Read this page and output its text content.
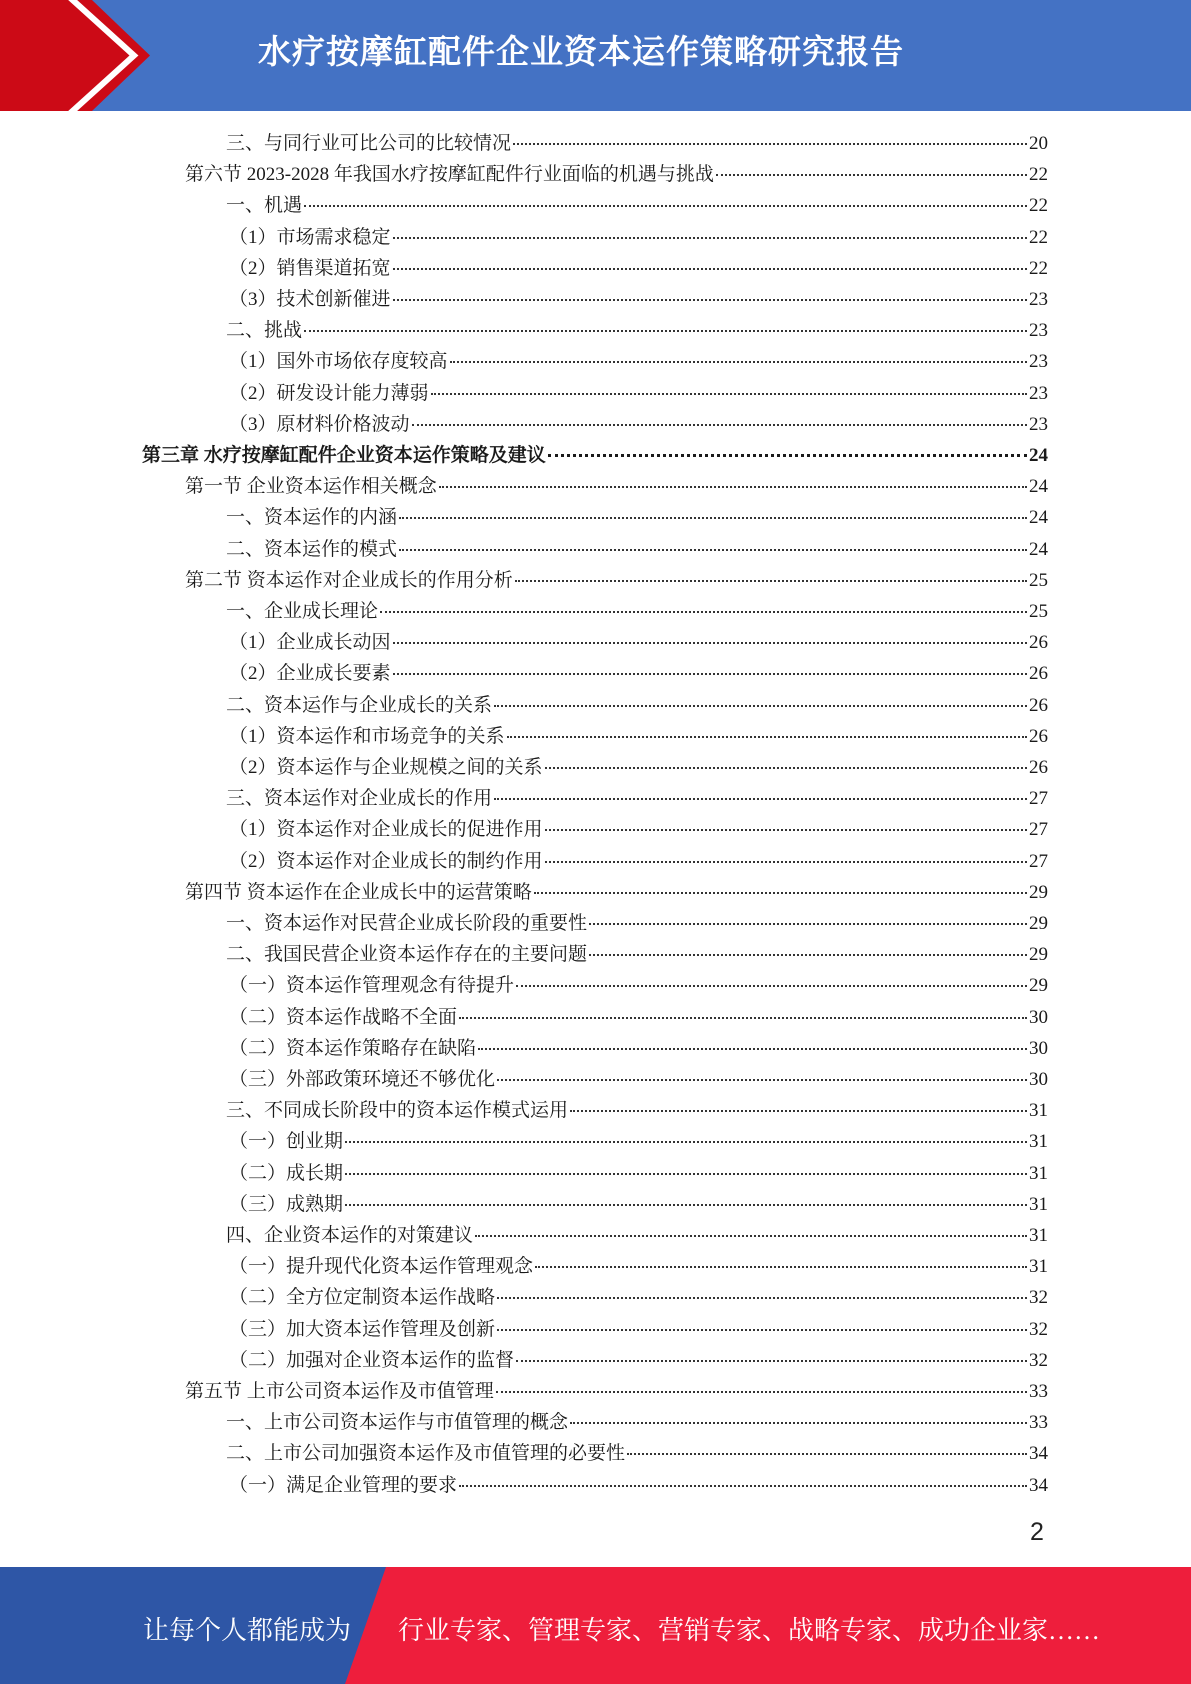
水疗按摩缸配件企业资本运作策略研究报告
三、与同行业可比公司的比较情况	20
第六节 2023-2028 年我国水疗按摩缸配件行业面临的机遇与挑战	22
一、机遇	22
（1）市场需求稳定	22
（2）销售渠道拓宽	22
（3）技术创新催进	23
二、挑战	23
（1）国外市场依存度较高	23
（2）研发设计能力薄弱	23
（3）原材料价格波动	23
第三章 水疗按摩缸配件企业资本运作策略及建议	24
第一节 企业资本运作相关概念	24
一、资本运作的内涵	24
二、资本运作的模式	24
第二节 资本运作对企业成长的作用分析	25
一、企业成长理论	25
（1）企业成长动因	26
（2）企业成长要素	26
二、资本运作与企业成长的关系	26
（1）资本运作和市场竞争的关系	26
（2）资本运作与企业规模之间的关系	26
三、资本运作对企业成长的作用	27
（1）资本运作对企业成长的促进作用	27
（2）资本运作对企业成长的制约作用	27
第四节 资本运作在企业成长中的运营策略	29
一、资本运作对民营企业成长阶段的重要性	29
二、我国民营企业资本运作存在的主要问题	29
（一）资本运作管理观念有待提升	29
（二）资本运作战略不全面	30
（二）资本运作策略存在缺陷	30
（三）外部政策环境还不够优化	30
三、不同成长阶段中的资本运作模式运用	31
（一）创业期	31
（二）成长期	31
（三）成熟期	31
四、企业资本运作的对策建议	31
（一）提升现代化资本运作管理观念	31
（二）全方位定制资本运作战略	32
（三）加大资本运作管理及创新	32
（二）加强对企业资本运作的监督	32
第五节 上市公司资本运作及市值管理	33
一、上市公司资本运作与市值管理的概念	33
二、上市公司加强资本运作及市值管理的必要性	34
（一）满足企业管理的要求	34
2
让每个人都能成为 行业专家、管理专家、营销专家、战略专家、成功企业家……
